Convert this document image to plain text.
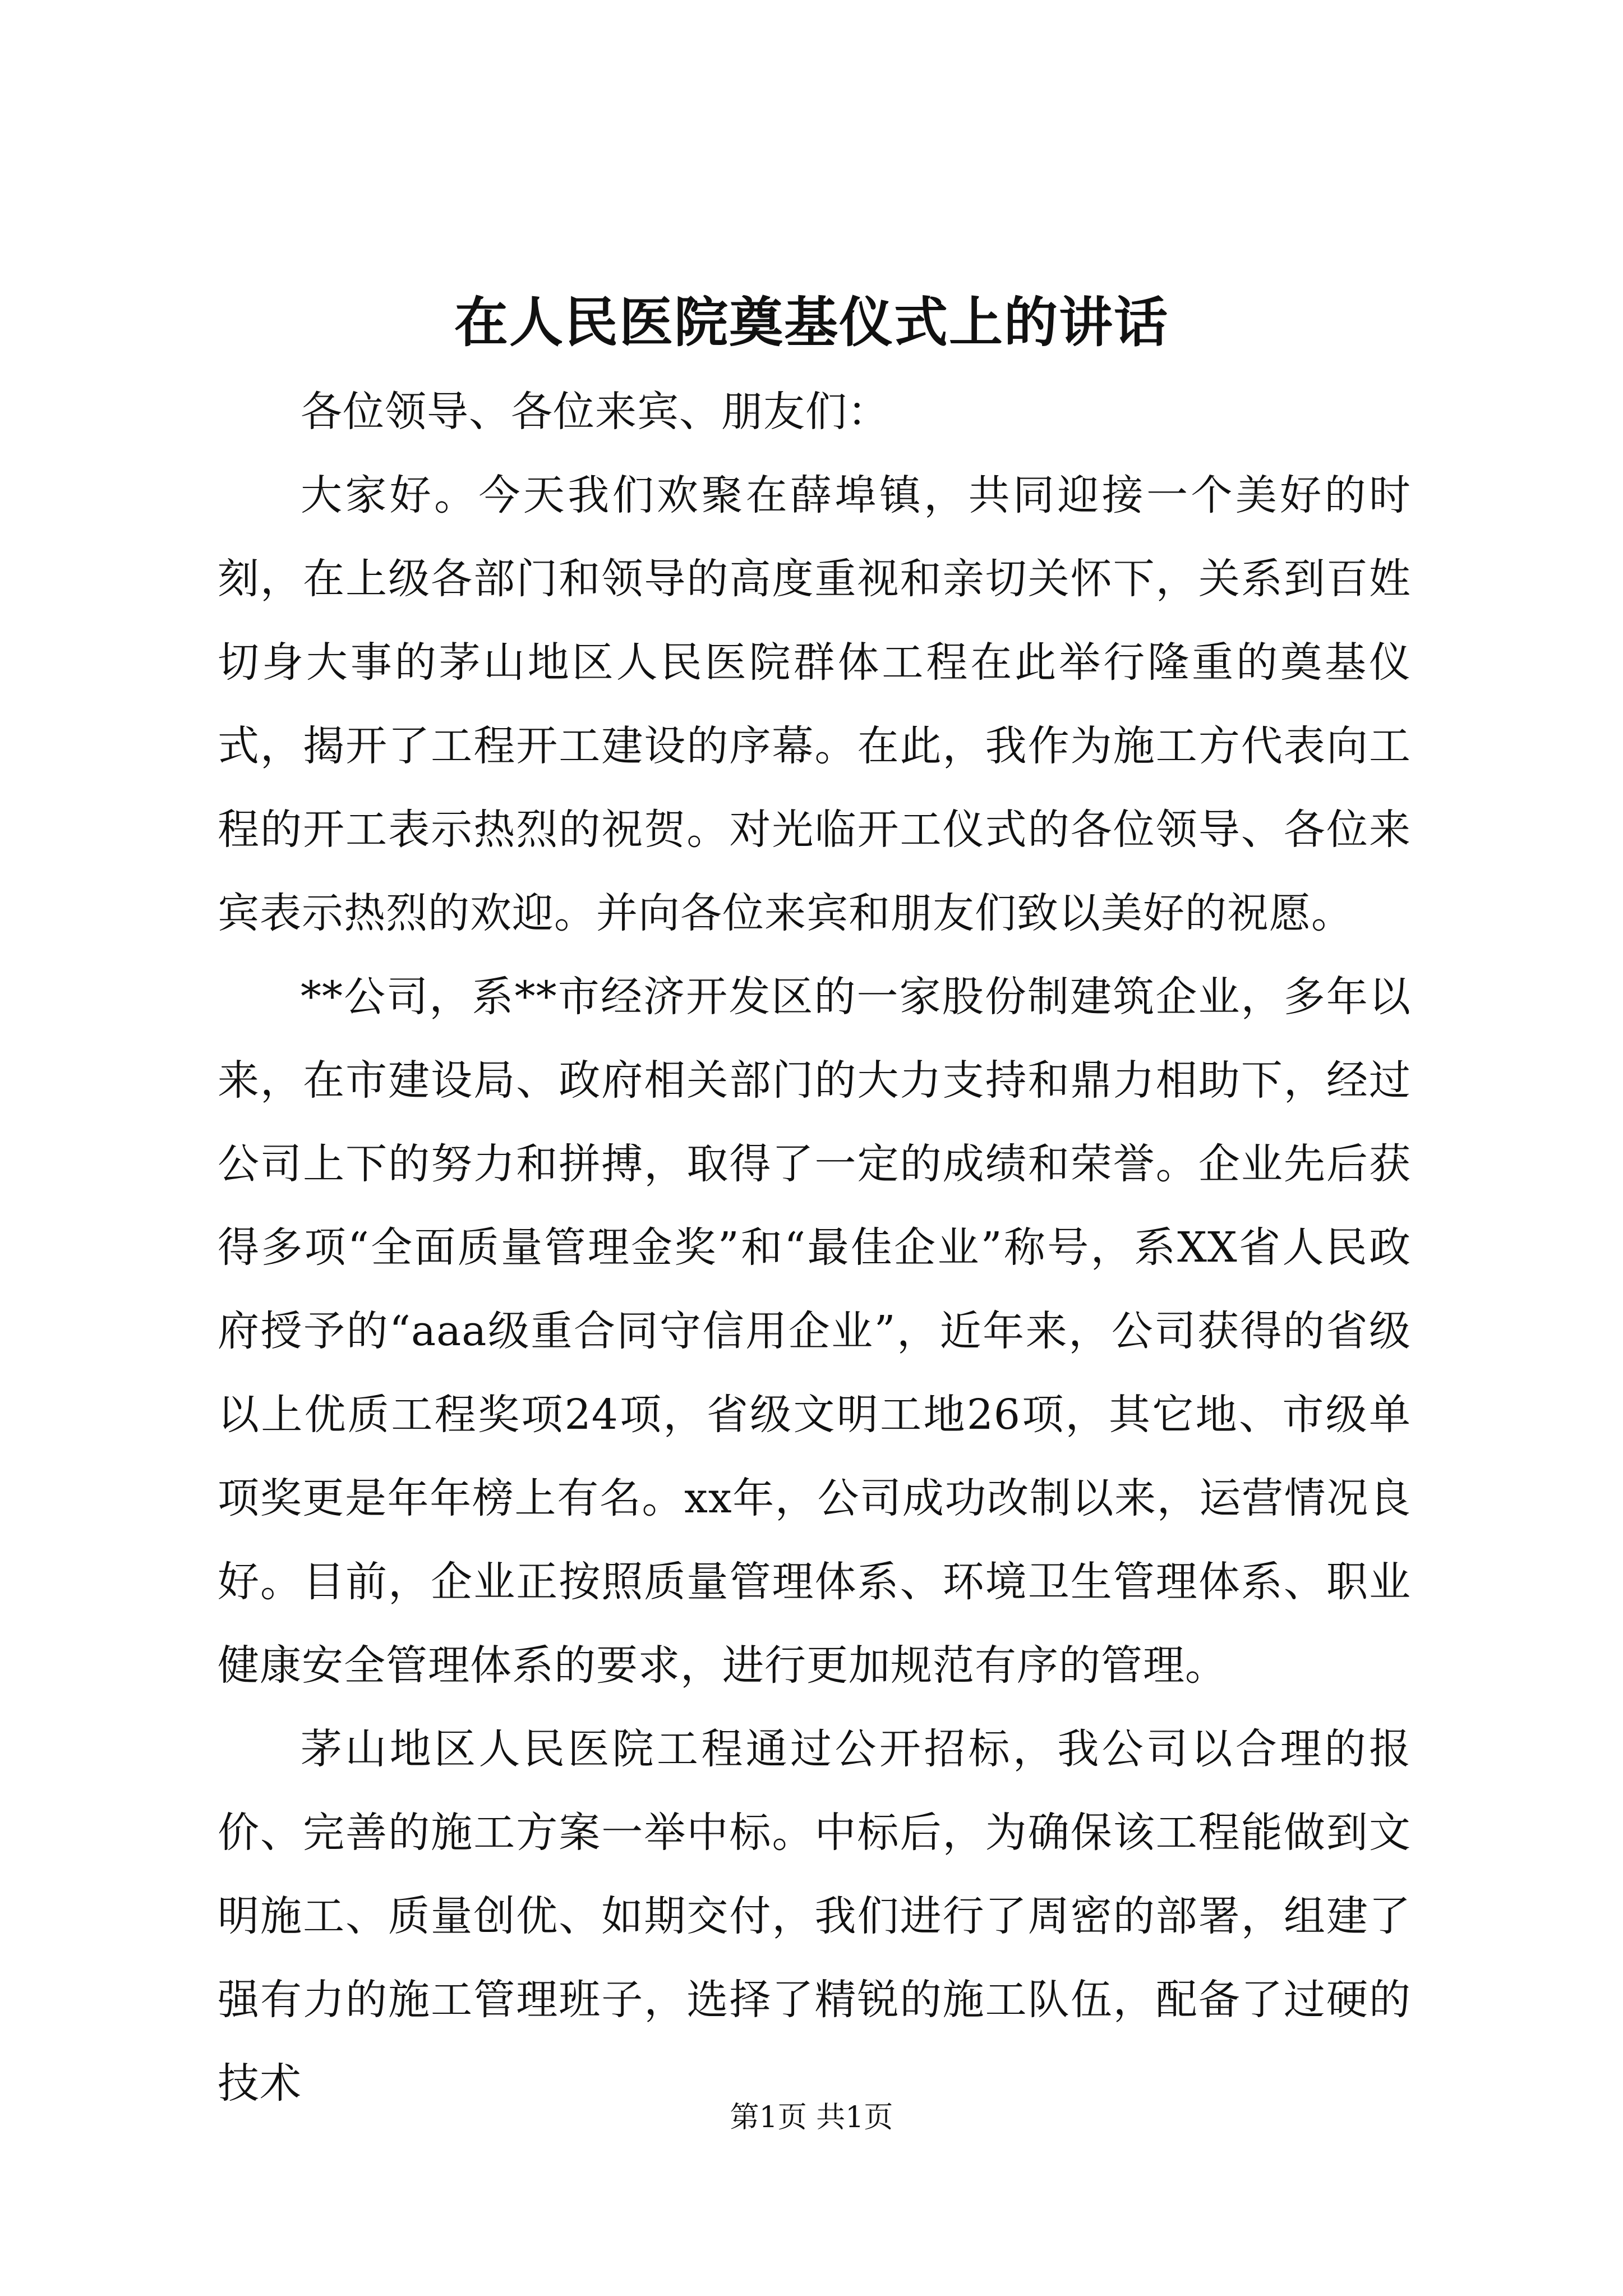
在人民医院奠基仪式上的讲话

各位领导、各位来宾、朋友们：

大家好。今天我们欢聚在薛埠镇，共同迎接一个美好的时刻，在上级各部门和领导的高度重视和亲切关怀下，关系到百姓切身大事的茅山地区人民医院群体工程在此举行隆重的奠基仪式，揭开了工程开工建设的序幕。在此，我作为施工方代表向工程的开工表示热烈的祝贺。对光临开工仪式的各位领导、各位来宾表示热烈的欢迎。并向各位来宾和朋友们致以美好的祝愿。

**公司，系**市经济开发区的一家股份制建筑企业，多年以来，在市建设局、政府相关部门的大力支持和鼎力相助下，经过公司上下的努力和拼搏，取得了一定的成绩和荣誉。企业先后获得多项“全面质量管理金奖”和“最佳企业”称号，系XX省人民政府授予的“aaa级重合同守信用企业”，近年来，公司获得的省级以上优质工程奖项24项，省级文明工地26项，其它地、市级单项奖更是年年榜上有名。xx年，公司成功改制以来，运营情况良好。目前，企业正按照质量管理体系、环境卫生管理体系、职业健康安全管理体系的要求，进行更加规范有序的管理。

茅山地区人民医院工程通过公开招标，我公司以合理的报价、完善的施工方案一举中标。中标后，为确保该工程能做到文明施工、质量创优、如期交付，我们进行了周密的部署，组建了强有力的施工管理班子，选择了精锐的施工队伍，配备了过硬的技术

第1页 共1页
